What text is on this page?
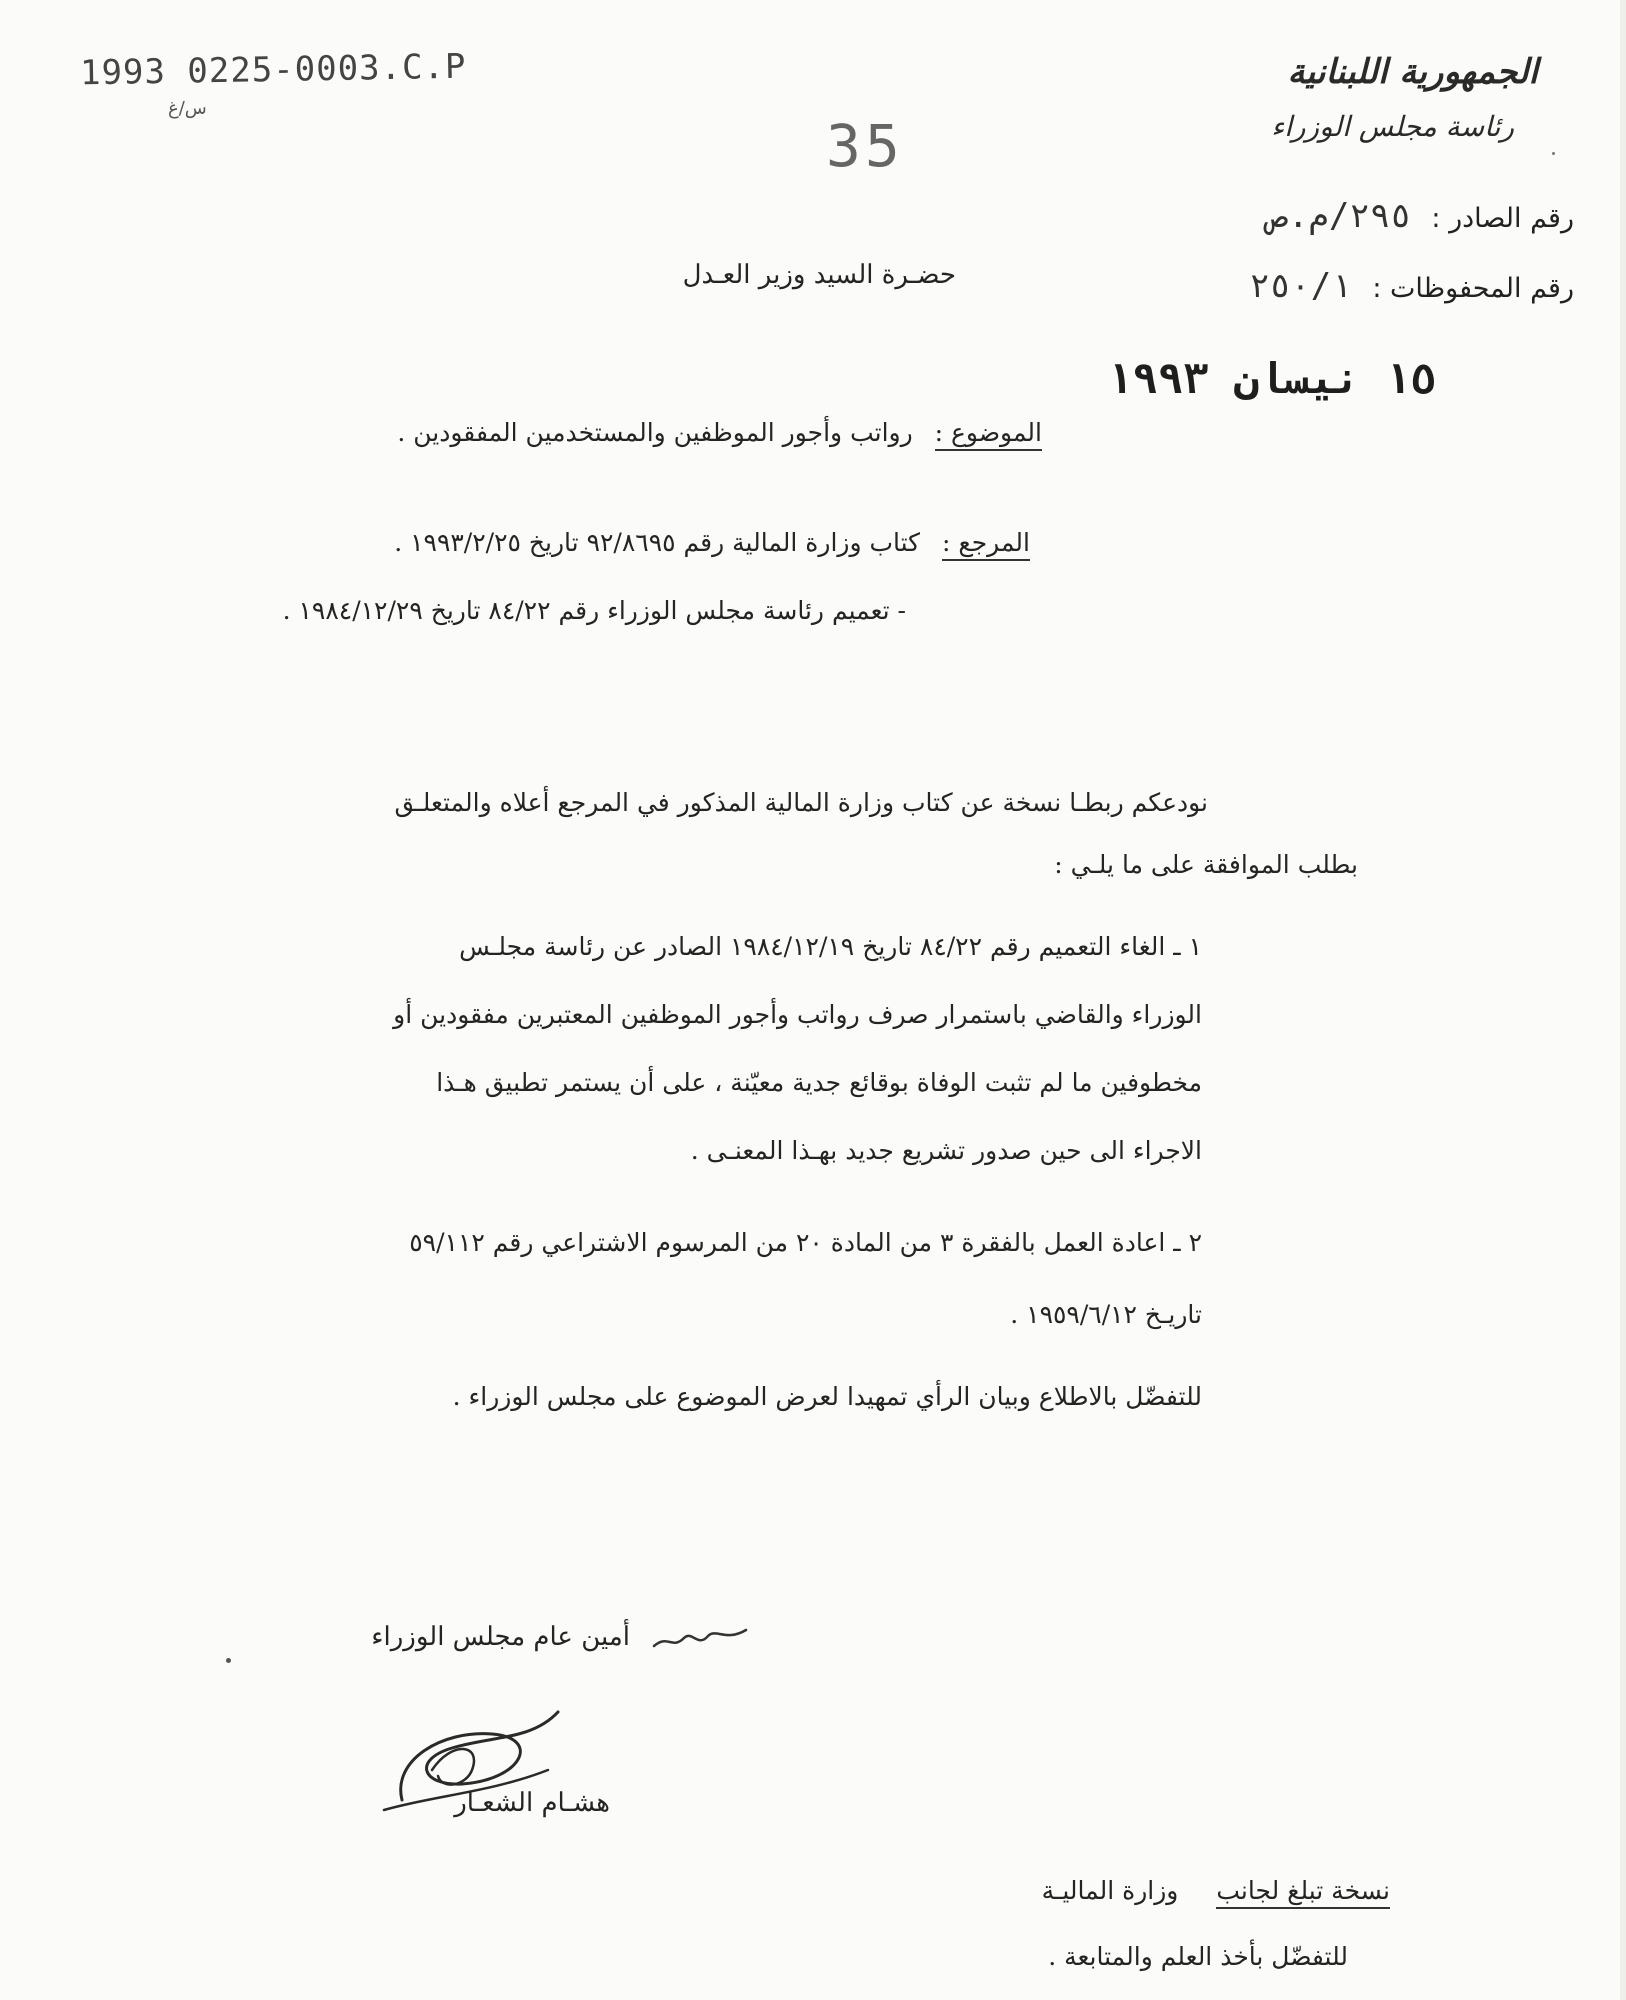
1993 0225-0003.C.P
س/غ
35
الجمهورية اللبنانية
رئاسة مجلس الوزراء
رقم الصادر : ٢٩٥/م.ص
رقم المحفوظات : ٢٥٠/١
١٥ نيسان ١٩٩٣
حضـرة السيد وزير العـدل
الموضوع : رواتب وأجور الموظفين والمستخدمين المفقودين .
المرجع : كتاب وزارة المالية رقم ٩٢/٨٦٩٥ تاريخ ١٩٩٣/٢/٢٥ .
- تعميم رئاسة مجلس الوزراء رقم ٨٤/٢٢ تاريخ ١٩٨٤/١٢/٢٩ .
نودعكم ربطـا نسخة عن كتاب وزارة المالية المذكور في المرجع أعلاه والمتعلـق
بطلب الموافقة على ما يلـي :
١ ـ الغاء التعميم رقم ٨٤/٢٢ تاريخ ١٩٨٤/١٢/١٩ الصادر عن رئاسة مجلـس
الوزراء والقاضي باستمرار صرف رواتب وأجور الموظفين المعتبرين مفقودين أو
مخطوفين ما لم تثبت الوفاة بوقائع جدية معيّنة ، على أن يستمر تطبيق هـذا
الاجراء الى حين صدور تشريع جديد بهـذا المعنـى .
٢ ـ اعادة العمل بالفقرة ٣ من المادة ٢٠ من المرسوم الاشتراعي رقم ٥٩/١١٢
تاريـخ ١٩٥٩/٦/١٢ .
للتفضّل بالاطلاع وبيان الرأي تمهيدا لعرض الموضوع على مجلس الوزراء .
أمين عام مجلس الوزراء
هشـام الشعـار
نسخة تبلغ لجانب وزارة الماليـة
للتفضّل بأخذ العلم والمتابعة .
